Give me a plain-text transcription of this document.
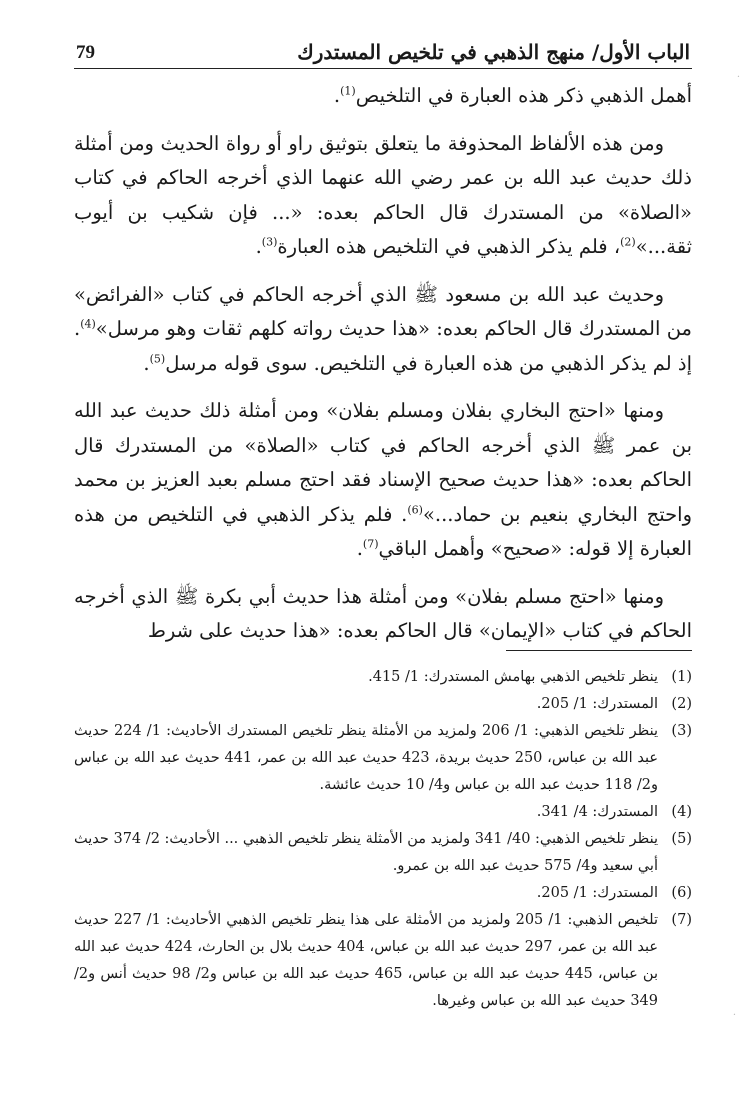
79	الباب الأول/ منهج الذهبي في تلخيص المستدرك

أهمل الذهبي ذكر هذه العبارة في التلخيص$^{(1)}$.

ومن هذه الألفاظ المحذوفة ما يتعلق بتوثيق راو أو رواة الحديث ومن أمثلة ذلك حديث عبد الله بن عمر رضي الله عنهما الذي أخرجه الحاكم في كتاب «الصلاة» من المستدرك قال الحاكم بعده: «... فإن شكيب بن أيوب ثقة...»$^{(2)}$، فلم يذكر الذهبي في التلخيص هذه العبارة$^{(3)}$.

وحديث عبد الله بن مسعود ﷺ الذي أخرجه الحاكم في كتاب «الفرائض» من المستدرك قال الحاكم بعده: «هذا حديث رواته كلهم ثقات وهو مرسل»$^{(4)}$. إذ لم يذكر الذهبي من هذه العبارة في التلخيص. سوى قوله مرسل$^{(5)}$.

ومنها «احتج البخاري بفلان ومسلم بفلان» ومن أمثلة ذلك حديث عبد الله بن عمر ﷺ الذي أخرجه الحاكم في كتاب «الصلاة» من المستدرك قال الحاكم بعده: «هذا حديث صحيح الإسناد فقد احتج مسلم بعبد العزيز بن محمد واحتج البخاري بنعيم بن حماد...»$^{(6)}$. فلم يذكر الذهبي في التلخيص من هذه العبارة إلا قوله: «صحيح» وأهمل الباقي$^{(7)}$.

ومنها «احتج مسلم بفلان» ومن أمثلة هذا حديث أبي بكرة ﷺ الذي أخرجه الحاكم في كتاب «الإيمان» قال الحاكم بعده: «هذا حديث على شرط

(1)
ينظر تلخيص الذهبي بهامش المستدرك: 1/ 415.
(2)
المستدرك: 1/ 205.
(3)
ينظر تلخيص الذهبي: 1/ 206 ولمزيد من الأمثلة ينظر تلخيص المستدرك الأحاديث: 1/ 224 حديث عبد الله بن عباس، 250 حديث بريدة، 423 حديث عبد الله بن عمر، 441 حديث عبد الله بن عباس و2/ 118 حديث عبد الله بن عباس و4/ 10 حديث عائشة.
(4)
المستدرك: 4/ 341.
(5)
ينظر تلخيص الذهبي: 40/ 341 ولمزيد من الأمثلة ينظر تلخيص الذهبي ... الأحاديث: 2/ 374 حديث أبي سعيد و4/ 575 حديث عبد الله بن عمرو.
(6)
المستدرك: 1/ 205.
(7)
تلخيص الذهبي: 1/ 205 ولمزيد من الأمثلة على هذا ينظر تلخيص الذهبي الأحاديث: 1/ 227 حديث عبد الله بن عمر، 297 حديث عبد الله بن عباس، 404 حديث بلال بن الحارث، 424 حديث عبد الله بن عباس، 445 حديث عبد الله بن عباس، 465 حديث عبد الله بن عباس و2/ 98 حديث أنس و2/ 349 حديث عبد الله بن عباس وغيرها.
·
·
